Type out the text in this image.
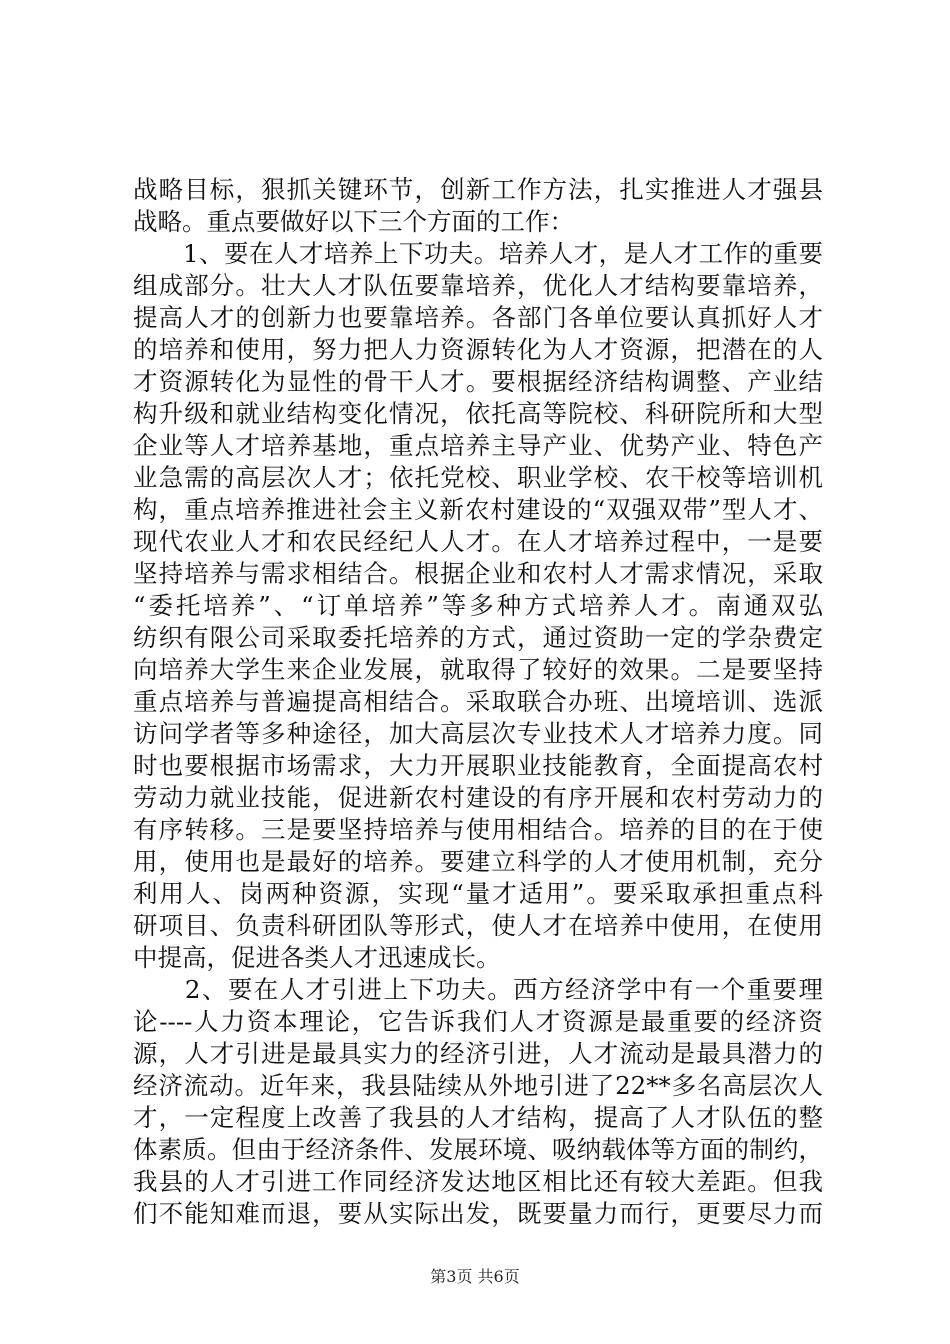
战略目标，狠抓关键环节，创新工作方法，扎实推进人才强县
战略。重点要做好以下三个方面的工作：
　　1、要在人才培养上下功夫。培养人才，是人才工作的重要
组成部分。壮大人才队伍要靠培养，优化人才结构要靠培养，
提高人才的创新力也要靠培养。各部门各单位要认真抓好人才
的培养和使用，努力把人力资源转化为人才资源，把潜在的人
才资源转化为显性的骨干人才。要根据经济结构调整、产业结
构升级和就业结构变化情况，依托高等院校、科研院所和大型
企业等人才培养基地，重点培养主导产业、优势产业、特色产
业急需的高层次人才；依托党校、职业学校、农干校等培训机
构，重点培养推进社会主义新农村建设的“双强双带”型人才、
现代农业人才和农民经纪人人才。在人才培养过程中，一是要
坚持培养与需求相结合。根据企业和农村人才需求情况，采取
“委托培养”、“订单培养”等多种方式培养人才。南通双弘
纺织有限公司采取委托培养的方式，通过资助一定的学杂费定
向培养大学生来企业发展，就取得了较好的效果。二是要坚持
重点培养与普遍提高相结合。采取联合办班、出境培训、选派
访问学者等多种途径，加大高层次专业技术人才培养力度。同
时也要根据市场需求，大力开展职业技能教育，全面提高农村
劳动力就业技能，促进新农村建设的有序开展和农村劳动力的
有序转移。三是要坚持培养与使用相结合。培养的目的在于使
用，使用也是最好的培养。要建立科学的人才使用机制，充分
利用人、岗两种资源，实现“量才适用”。要采取承担重点科
研项目、负责科研团队等形式，使人才在培养中使用，在使用
中提高，促进各类人才迅速成长。
　　2、要在人才引进上下功夫。西方经济学中有一个重要理
论----人力资本理论，它告诉我们人才资源是最重要的经济资
源，人才引进是最具实力的经济引进，人才流动是最具潜力的
经济流动。近年来，我县陆续从外地引进了22**多名高层次人
才，一定程度上改善了我县的人才结构，提高了人才队伍的整
体素质。但由于经济条件、发展环境、吸纳载体等方面的制约，
我县的人才引进工作同经济发达地区相比还有较大差距。但我
们不能知难而退，要从实际出发，既要量力而行，更要尽力而
第3页 共6页
